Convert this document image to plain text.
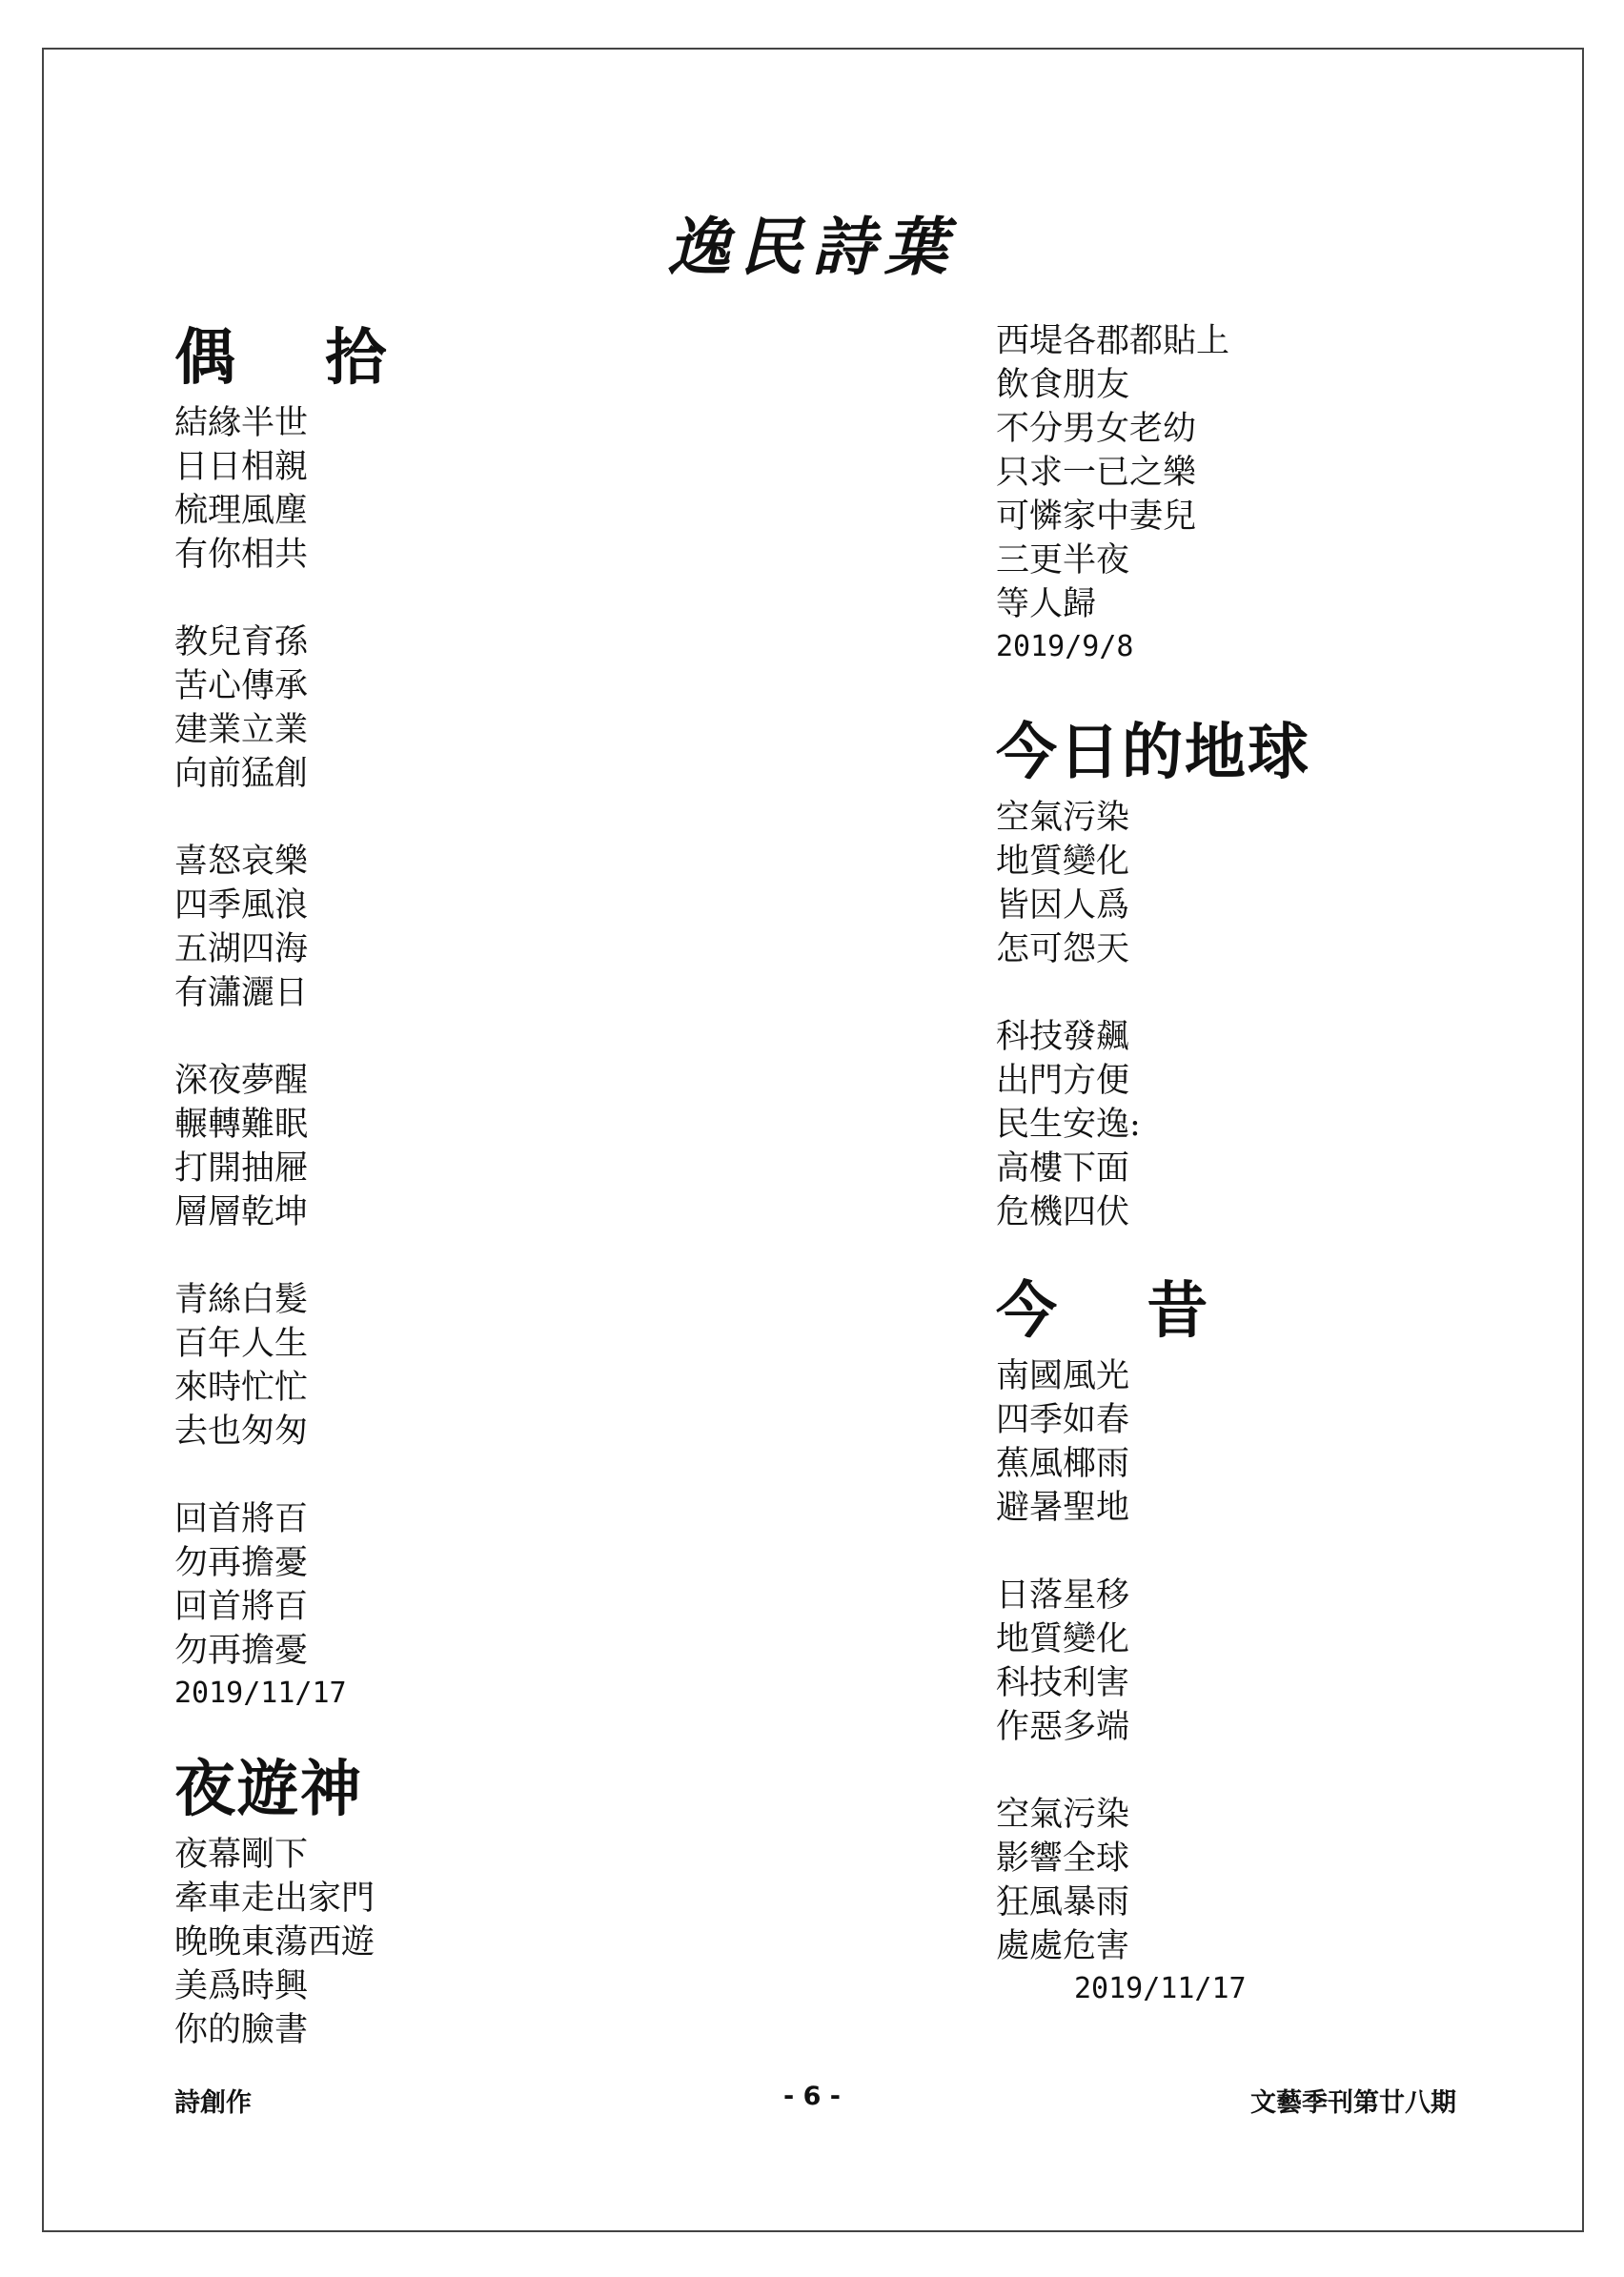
逸民詩葉
偶 拾
結緣半世
日日相親
梳理風塵
有你相共
教兒育孫
苦心傳承
建業立業
向前猛創
喜怒哀樂
四季風浪
五湖四海
有瀟灑日
深夜夢醒
輾轉難眠
打開抽屜
層層乾坤
青絲白髮
百年人生
來時忙忙
去也匆匆
回首將百
勿再擔憂
回首將百
勿再擔憂
2019/11/17
夜遊神
夜幕剛下
牽車走出家門
晚晚東蕩西遊
美爲時興
你的臉書
西堤各郡都貼上
飲食朋友
不分男女老幼
只求一已之樂
可憐家中妻兒
三更半夜
等人歸
2019/9/8
今日的地球
空氣污染
地質變化
皆因人爲
怎可怨天
科技發飆
出門方便
民生安逸:
高樓下面
危機四伏
今 昔
南國風光
四季如春
蕉風椰雨
避暑聖地
日落星移
地質變化
科技利害
作惡多端
空氣污染
影響全球
狂風暴雨
處處危害
2019/11/17
詩創作	- 6 -	文藝季刊第廿八期
